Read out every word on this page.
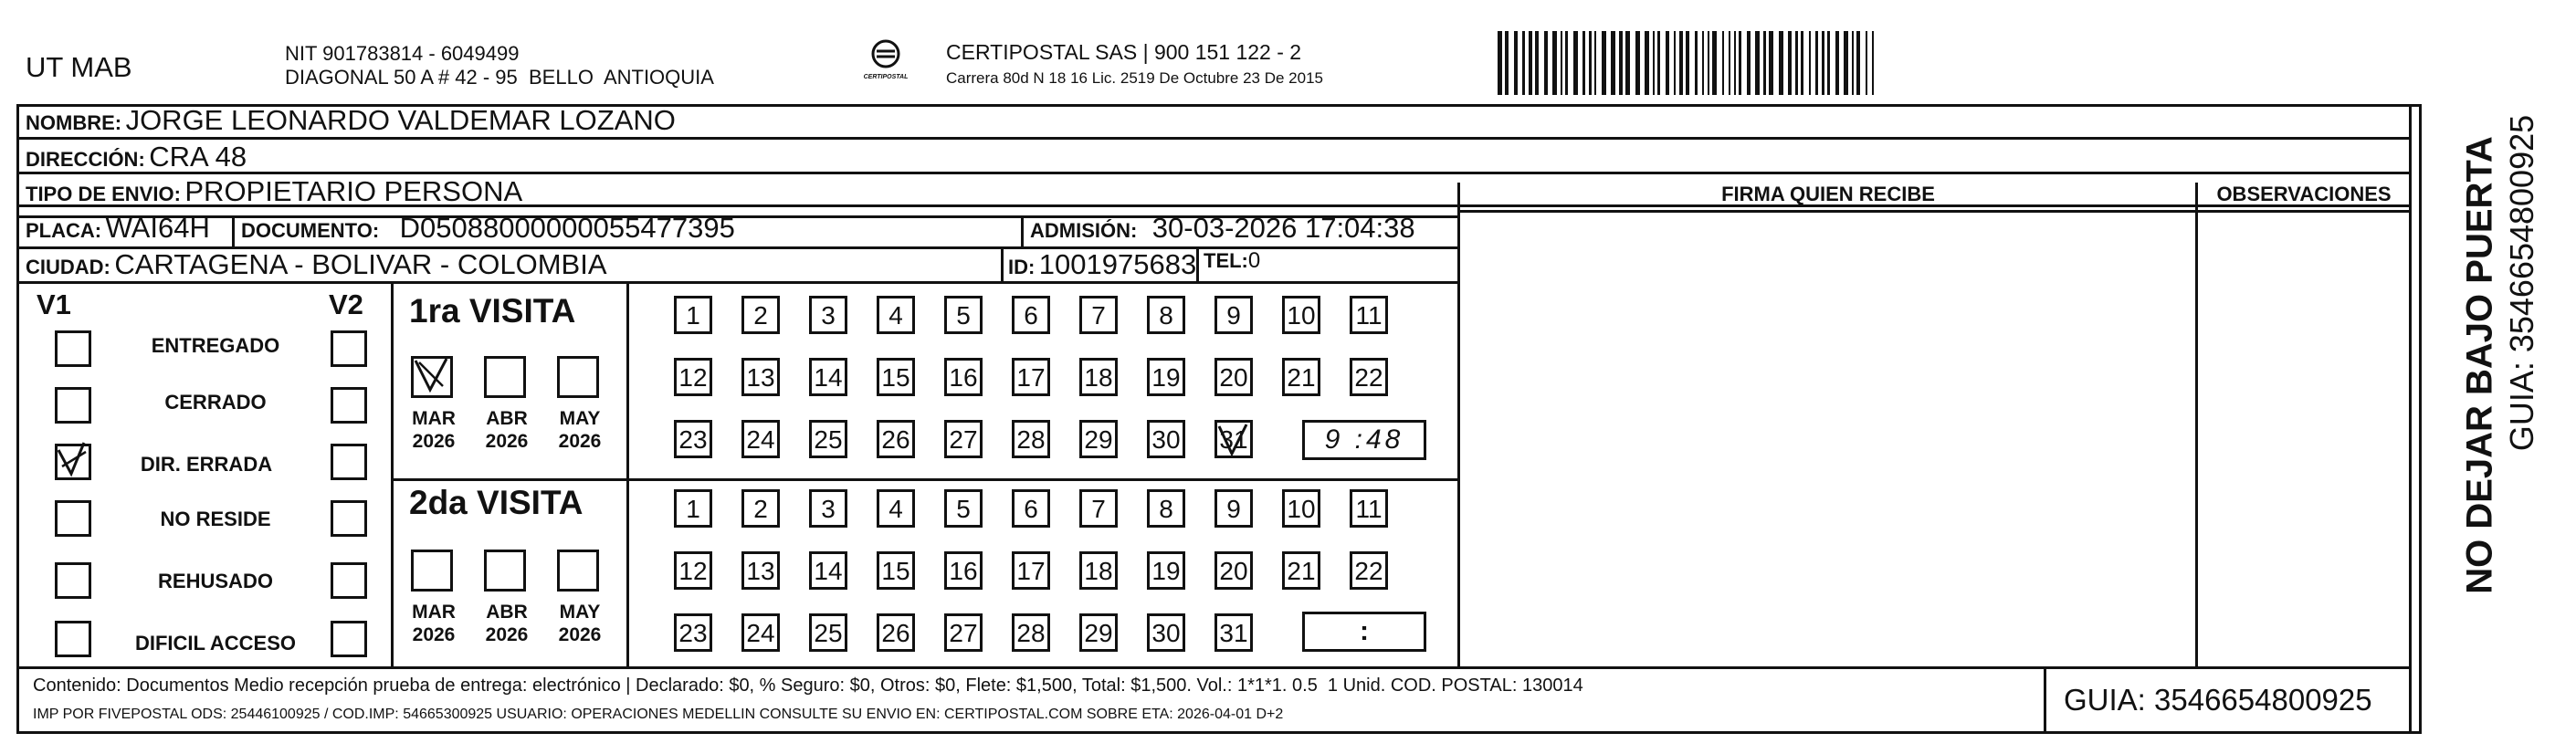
UT MAB	NIT 901783814 - 6049499
DIAGONAL 50 A # 42 - 95  BELLO  ANTIOQUIA	CERTIPOSTAL
CERTIPOSTAL SAS | 900 151 122 - 2
Carrera 80d N 18 16 Lic. 2519 De Octubre 23 De 2015
NOMBRE: JORGE LEONARDO VALDEMAR LOZANO
DIRECCIÓN: CRA 48
TIPO DE ENVIO: PROPIETARIO PERSONA	FIRMA QUIEN RECIBE	OBSERVACIONES
PLACA: WAI64H DOCUMENTO: D05088000000055477395	ADMISIÓN: 30-03-2026 17:04:38
CIUDAD: CARTAGENA - BOLIVAR - COLOMBIA	ID: 1001975683 TEL:0
V1	V2
ENTREGADO
CERRADO
DIR. ERRADA
NO RESIDE
REHUSADO
DIFICIL ACCESO
1ra VISITA
MAR
2026
ABR
2026
MAY
2026
2da VISITA
MAR
2026
ABR
2026
MAY
2026
1	2	3	4	5	6	7	8	9	10 11
12 13 14 15 16 17 18 19 20 21 22
23 24 25 26 27 28 29 30 31
1	2	3	4	5	6	7	8	9	10 11
12 13 14 15 16 17 18 19 20 21 22
23 24 25 26 27 28 29 30 31
9 :48
:
Contenido: Documentos Medio recepción prueba de entrega: electrónico | Declarado: $0, % Seguro: $0, Otros: $0, Flete: $1,500, Total: $1,500. Vol.: 1*1*1. 0.5  1 Unid. COD. POSTAL: 130014
IMP POR FIVEPOSTAL ODS: 25446100925 / COD.IMP: 54665300925 USUARIO: OPERACIONES MEDELLIN CONSULTE SU ENVIO EN: CERTIPOSTAL.COM SOBRE ETA: 2026-04-01 D+2	GUIA: 3546654800925
NO DEJAR BAJO PUERTA GUIA: 3546654800925
